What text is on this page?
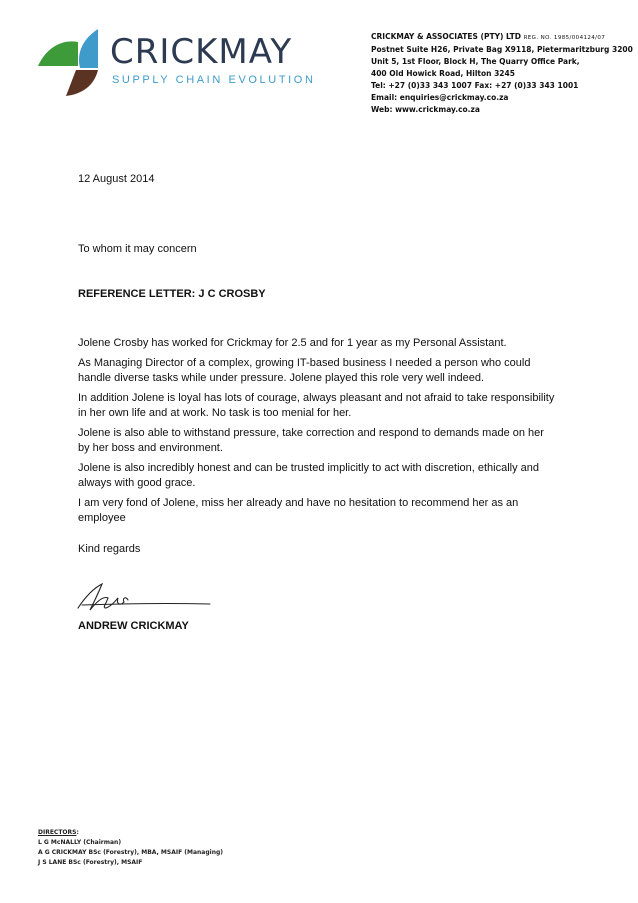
CRICKMAY
SUPPLY CHAIN EVOLUTION
CRICKMAY & ASSOCIATES (PTY) LTD REG. NO. 1985/004124/07
Postnet Suite H26, Private Bag X9118, Pietermaritzburg 3200
Unit 5, 1st Floor, Block H, The Quarry Office Park,
400 Old Howick Road, Hilton 3245
Tel: +27 (0)33 343 1007 Fax: +27 (0)33 343 1001
Email: enquiries@crickmay.co.za
Web: www.crickmay.co.za
12 August 2014
To whom it may concern
REFERENCE LETTER: J C CROSBY

Jolene Crosby has worked for Crickmay for 2.5 and for 1 year as my Personal Assistant.

As Managing Director of a complex, growing IT-based business I needed a person who could handle diverse tasks while under pressure. Jolene played this role very well indeed.

In addition Jolene is loyal has lots of courage, always pleasant and not afraid to take responsibility in her own life and at work. No task is too menial for her.

Jolene is also able to withstand pressure, take correction and respond to demands made on her by her boss and environment.

Jolene is also incredibly honest and can be trusted implicitly to act with discretion, ethically and always with good grace.

I am very fond of Jolene, miss her already and have no hesitation to recommend her as an employee

Kind regards
ANDREW CRICKMAY
DIRECTORS:
L G McNALLY (Chairman)
A G CRICKMAY BSc (Forestry), MBA, MSAIF (Managing)
J S LANE BSc (Forestry), MSAIF
